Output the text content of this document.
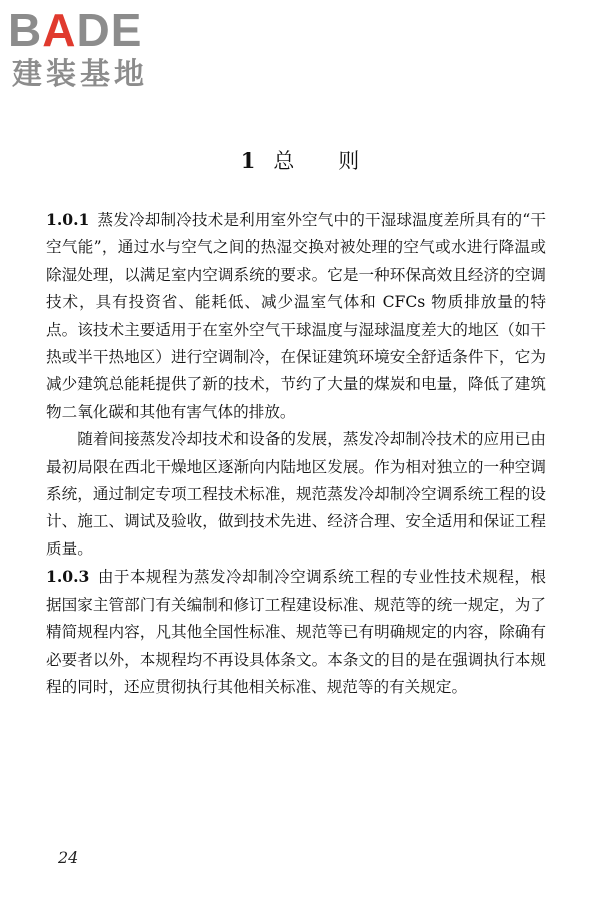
BADE
建装基地
1 总则

1.0.1 蒸发冷却制冷技术是利用室外空气中的干湿球温度差所具有的“干空气能”，通过水与空气之间的热湿交换对被处理的空气或水进行降温或除湿处理，以满足室内空调系统的要求。它是一种环保高效且经济的空调技术，具有投资省、能耗低、减少温室气体和 CFCs 物质排放量的特点。该技术主要适用于在室外空气干球温度与湿球温度差大的地区（如干热或半干热地区）进行空调制冷，在保证建筑环境安全舒适条件下，它为减少建筑总能耗提供了新的技术，节约了大量的煤炭和电量，降低了建筑物二氧化碳和其他有害气体的排放。

随着间接蒸发冷却技术和设备的发展，蒸发冷却制冷技术的应用已由最初局限在西北干燥地区逐渐向内陆地区发展。作为相对独立的一种空调系统，通过制定专项工程技术标准，规范蒸发冷却制冷空调系统工程的设计、施工、调试及验收，做到技术先进、经济合理、安全适用和保证工程质量。

1.0.3 由于本规程为蒸发冷却制冷空调系统工程的专业性技术规程，根据国家主管部门有关编制和修订工程建设标准、规范等的统一规定，为了精简规程内容，凡其他全国性标准、规范等已有明确规定的内容，除确有必要者以外，本规程均不再设具体条文。本条文的目的是在强调执行本规程的同时，还应贯彻执行其他相关标准、规范等的有关规定。

24
